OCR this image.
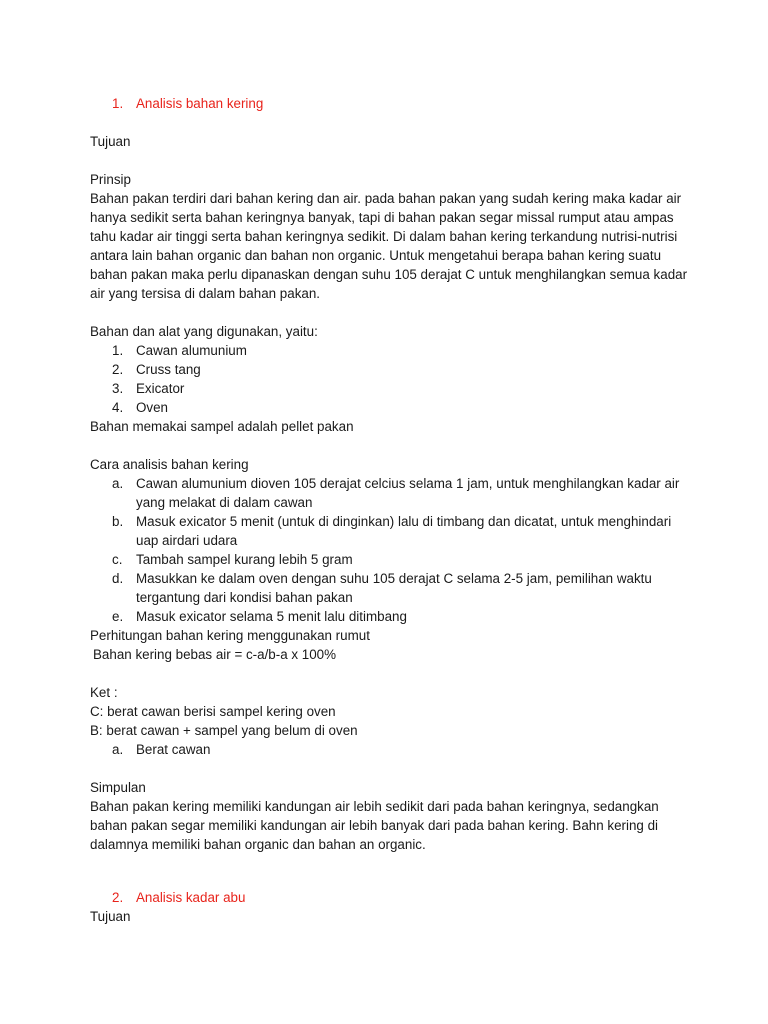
1. Analisis bahan kering

Tujuan

Prinsip

Bahan pakan terdiri dari bahan kering dan air. pada bahan pakan yang sudah kering maka kadar air hanya sedikit serta bahan keringnya banyak, tapi di bahan pakan segar missal rumput atau ampas tahu kadar air tinggi serta bahan keringnya sedikit. Di dalam bahan kering terkandung nutrisi-nutrisi antara lain bahan organic dan bahan non organic. Untuk mengetahui berapa bahan kering suatu bahan pakan maka perlu dipanaskan dengan suhu 105 derajat C untuk menghilangkan semua kadar air yang tersisa di dalam bahan pakan.

Bahan dan alat yang digunakan, yaitu:

1. Cawan alumunium
2. Cruss tang
3. Exicator
4. Oven

Bahan memakai sampel adalah pellet pakan

Cara analisis bahan kering

a. Cawan alumunium dioven 105 derajat celcius selama 1 jam, untuk menghilangkan kadar air yang melakat di dalam cawan
b. Masuk exicator 5 menit (untuk di dinginkan) lalu di timbang dan dicatat, untuk menghindari uap airdari udara
c.	Tambah sampel kurang lebih 5 gram
d. Masukkan ke dalam oven dengan suhu 105 derajat C selama 2-5 jam, pemilihan waktu tergantung dari kondisi bahan pakan
e. Masuk exicator selama 5 menit lalu ditimbang

Perhitungan bahan kering menggunakan rumut

Bahan kering bebas air = c-a/b-a x 100%

Ket :

C: berat cawan berisi sampel kering oven

B: berat cawan + sampel yang belum di oven

a. Berat cawan

Simpulan

Bahan pakan kering memiliki kandungan air lebih sedikit dari pada bahan keringnya, sedangkan bahan pakan segar memiliki kandungan air lebih banyak dari pada bahan kering. Bahn kering di dalamnya memiliki bahan organic dan bahan an organic.

2. Analisis kadar abu

Tujuan
